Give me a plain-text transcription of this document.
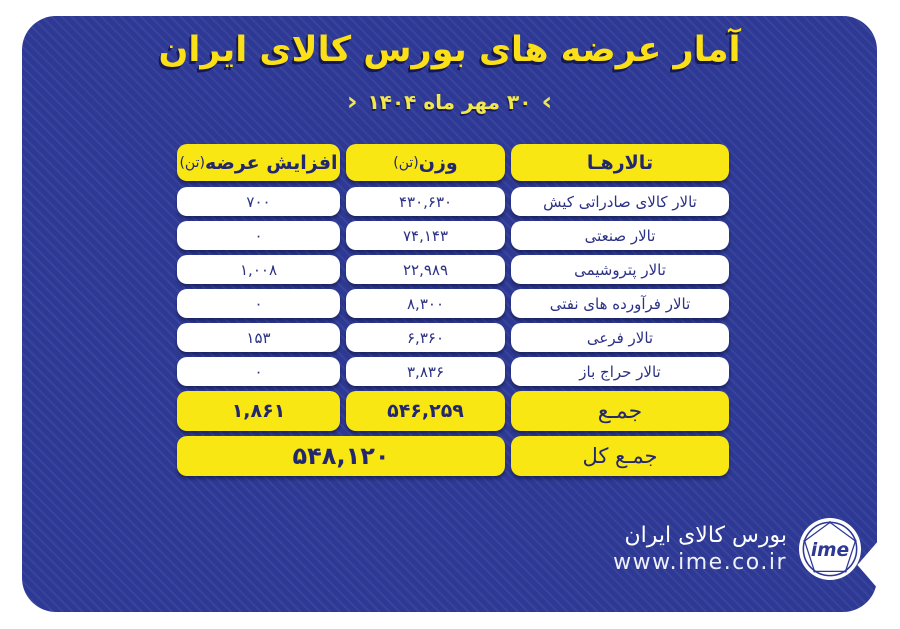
آمار عرضه های بورس کالای ایران
› ۳۰ مهر ماه ۱۴۰۴ ‹
تالارهـا
وزن
(تن)
افزایش عرضه
(تن)
تالار کالای صادراتی کیش
۴۳۰,۶۳۰
۷۰۰
تالار صنعتی
۷۴,۱۴۳
۰
تالار پتروشیمی
۲۲,۹۸۹
۱,۰۰۸
تالار فرآورده های نفتی
۸,۳۰۰
۰
تالار فرعی
۶,۳۶۰
۱۵۳
تالار حراج باز
۳,۸۳۶
۰
جمـع
۵۴۶,۲۵۹
۱,۸۶۱
جمـع کل
۵۴۸,۱۲۰
بورس کالای ایران
www.ime.co.ir ime
